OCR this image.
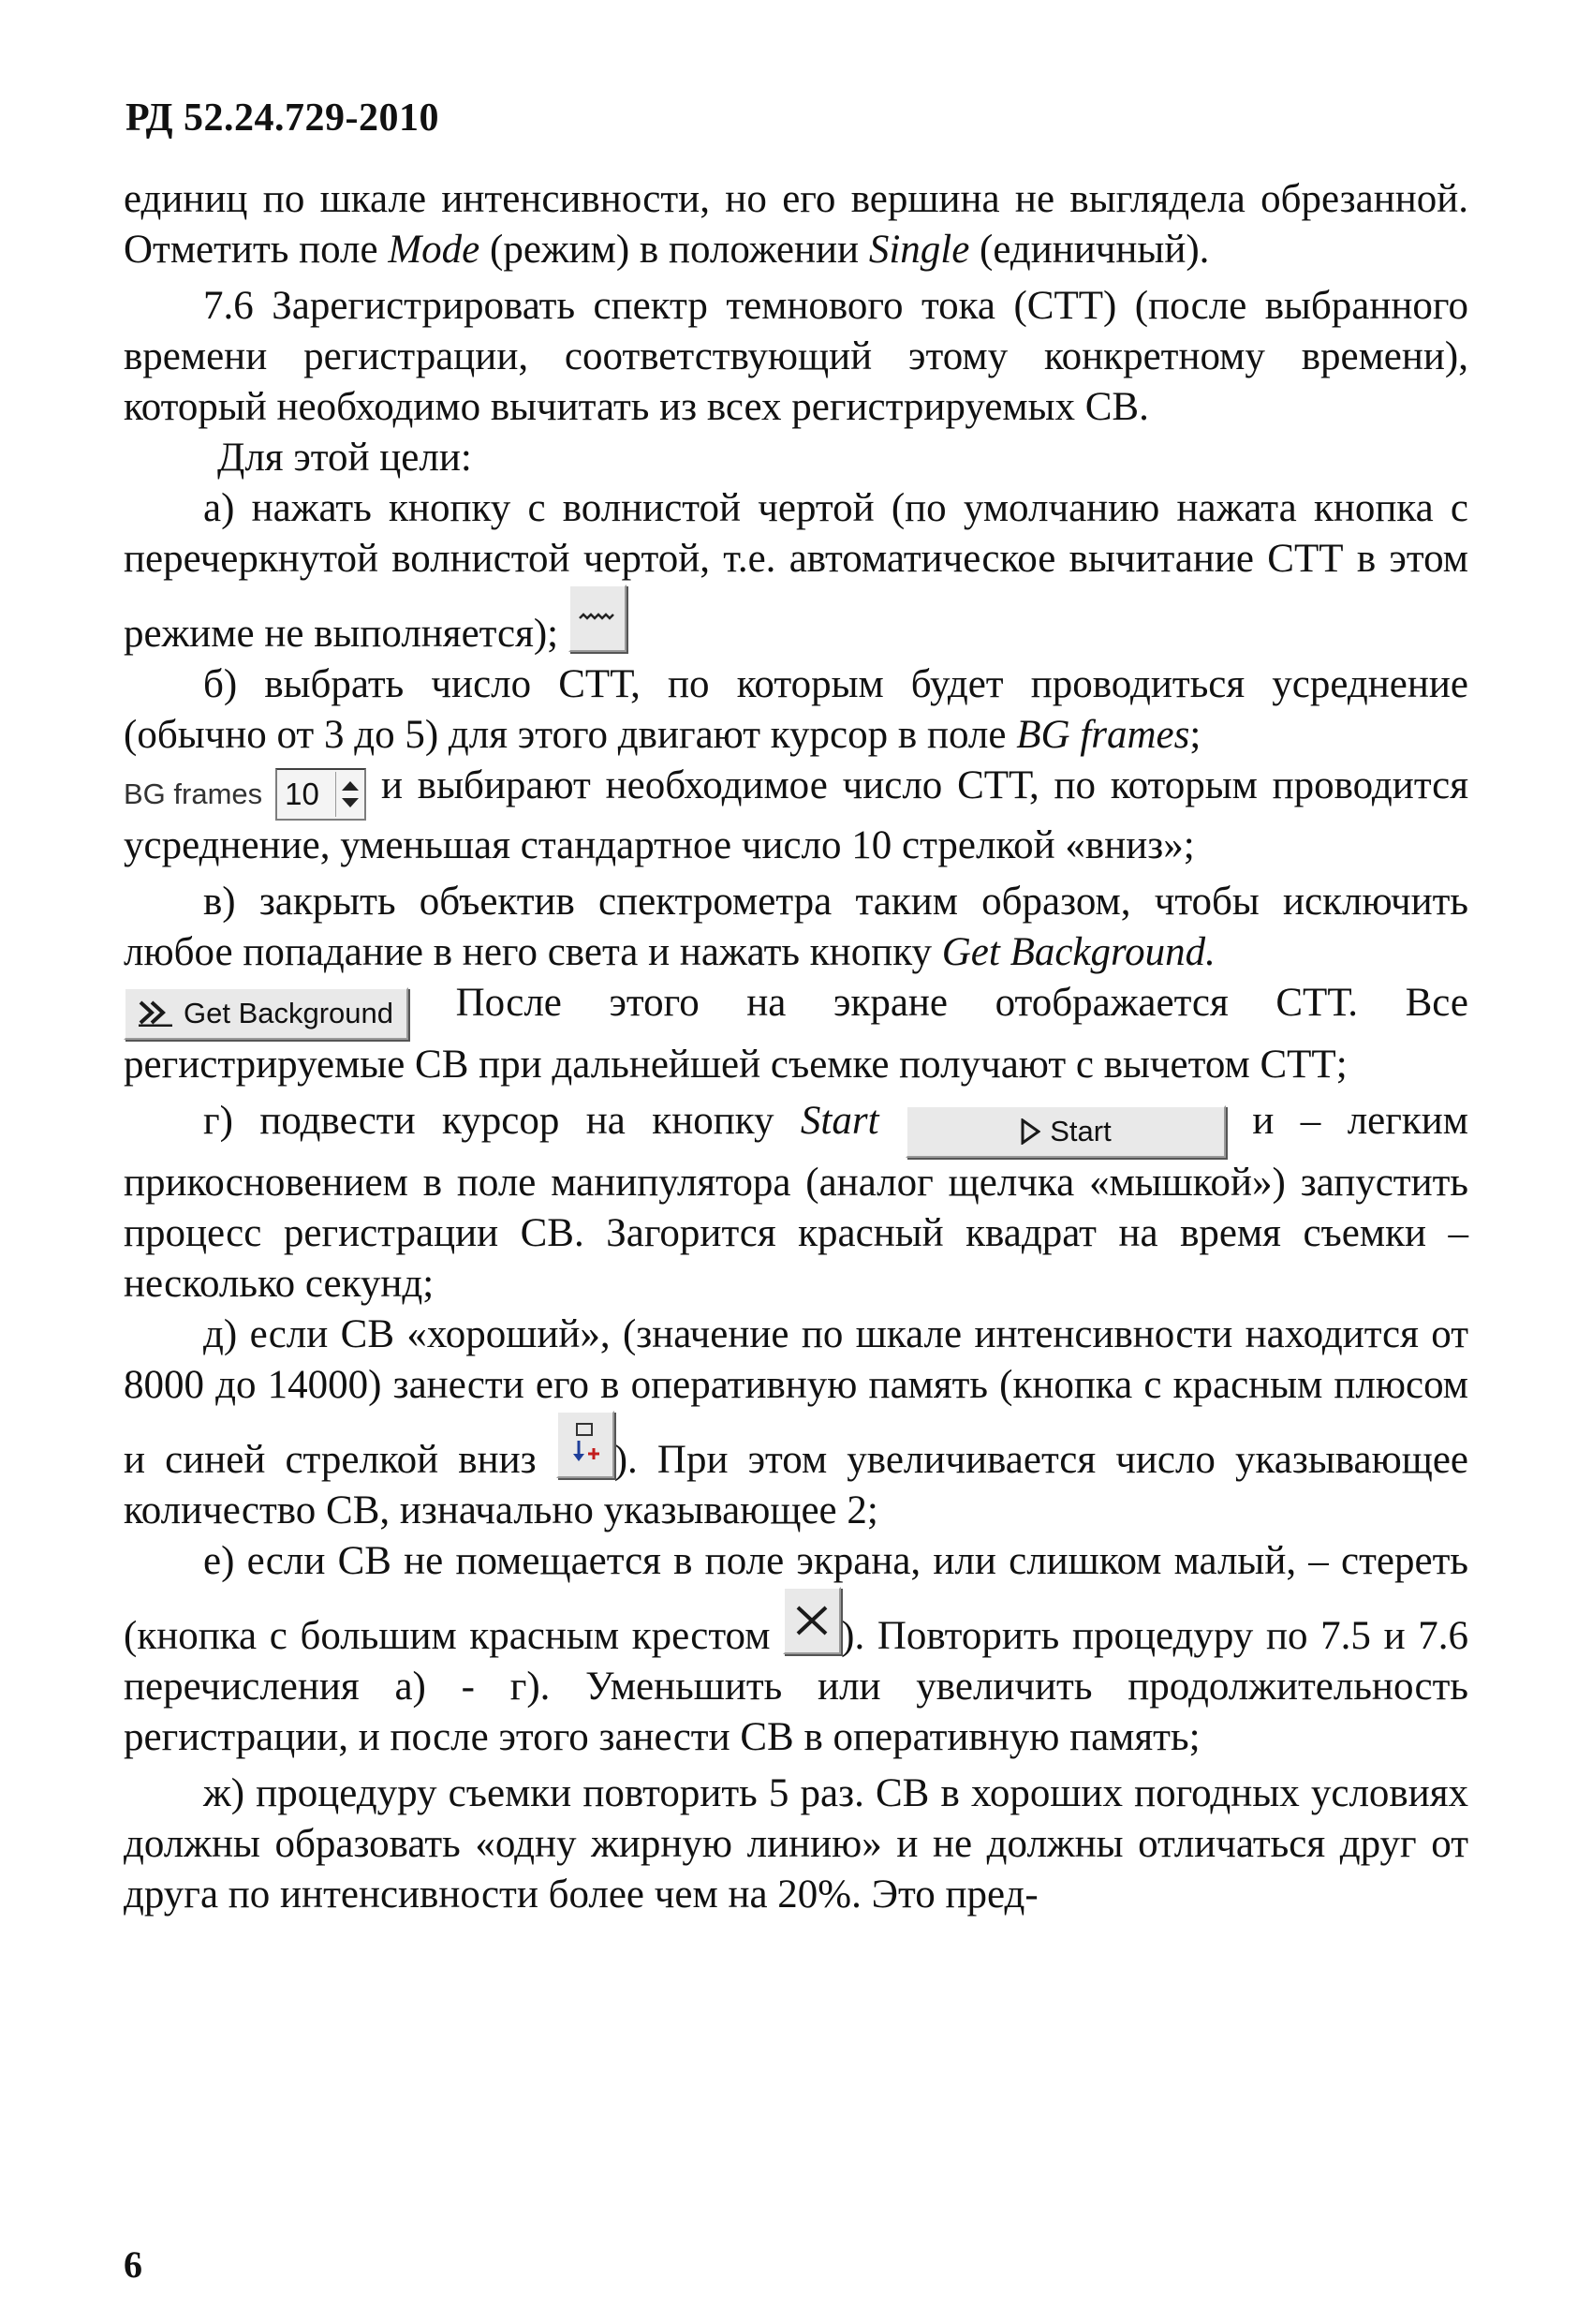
РД 52.24.729-2010

единиц по шкале интенсивности, но его вершина не выглядела обрезанной. Отметить поле Mode (режим) в положении Single (единичный).

7.6 Зарегистрировать спектр темнового тока (СТТ) (после выбранного времени регистрации, соответствующий этому конкретному времени), который необходимо вычитать из всех регистрируемых СВ.

Для этой цели:

а) нажать кнопку с волнистой чертой (по умолчанию нажата кнопка с перечеркнутой волнистой чертой, т.е. автоматическое вычитание СТТ в этом режиме не выполняется);

б) выбрать число СТТ, по которым будет проводиться усреднение (обычно от 3 до 5) для этого двигают курсор в поле BG frames;

BG frames 10	и выбирают необходимое число СТТ, по которым проводится усреднение, уменьшая стандартное число 10 стрелкой «вниз»;

в) закрыть объектив спектрометра таким образом, чтобы исключить любое попадание в него света и нажать кнопку Get Background.

Get Background После этого на экране отображается СТТ. Все регистрируемые СВ при дальнейшей съемке получают с вычетом СТТ;

г) подвести курсор на кнопку Start	Start	и – легким прикосновением в поле манипулятора (аналог щелчка «мышкой») запустить процесс регистрации СВ. Загорится красный квадрат на время съемки – несколько секунд;

д) если СВ «хороший», (значение по шкале интенсивности находится от 8000 до 14000) занести его в оперативную память (кнопка с красным плюсом и синей стрелкой вниз
). При этом увеличивается число указывающее количество СВ, изначально указывающее 2;

е) если СВ не помещается в поле экрана, или слишком малый, – стереть (кнопка с большим красным крестом
). Повторить процедуру по 7.5 и 7.6 перечисления а) - г). Уменьшить или увеличить продолжительность регистрации, и после этого занести СВ в оперативную память;

ж) процедуру съемки повторить 5 раз. СВ в хороших погодных условиях должны образовать «одну жирную линию» и не должны отличаться друг от друга по интенсивности более чем на 20%. Это пред-

6
